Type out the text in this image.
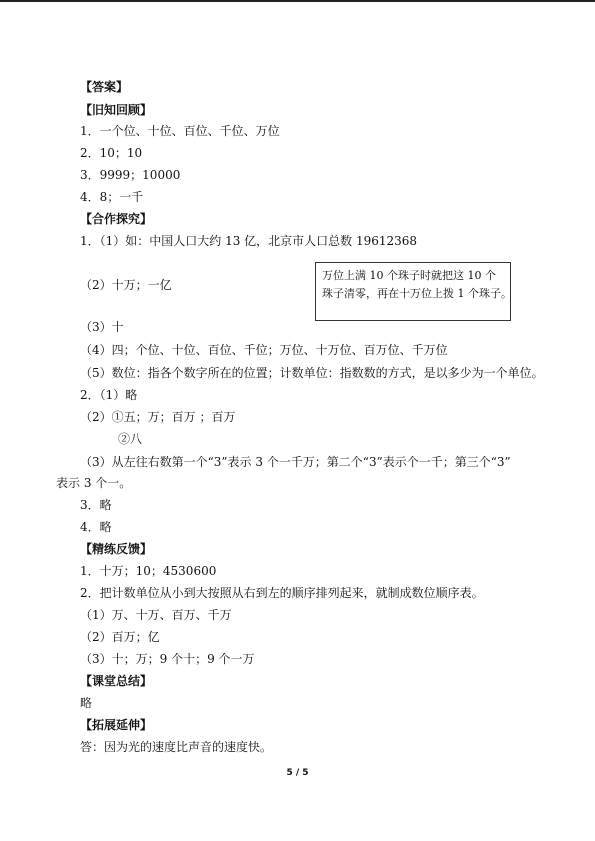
【答案】
【旧知回顾】
1．一个位、十位、百位、千位、万位
2．10；10
3．9999；10000
4．8；一千
【合作探究】
1．（1）如：中国人口大约 13 亿，北京市人口总数 19612368
（2）十万；一亿
万位上满 10 个珠子时就把这 10 个
珠子清零，再在十万位上拨 1 个珠子。
（3）十
（4）四；个位、十位、百位、千位；万位、十万位、百万位、千万位
（5）数位：指各个数字所在的位置；计数单位：指数数的方式，是以多少为一个单位。
2．（1）略
（2）①五；万；百万 ；百万
②八
（3）从左往右数第一个“3”表示 3 个一千万；第二个“3”表示个一千；第三个“3”
表示 3 个一。
3．略
4．略
【精练反馈】
1．十万；10；4530600
2．把计数单位从小到大按照从右到左的顺序排列起来，就制成数位顺序表。
（1）万、十万、百万、千万
（2）百万；亿
（3）十；万；9 个十；9 个一万
【课堂总结】
略
【拓展延伸】
答：因为光的速度比声音的速度快。
5 / 5
